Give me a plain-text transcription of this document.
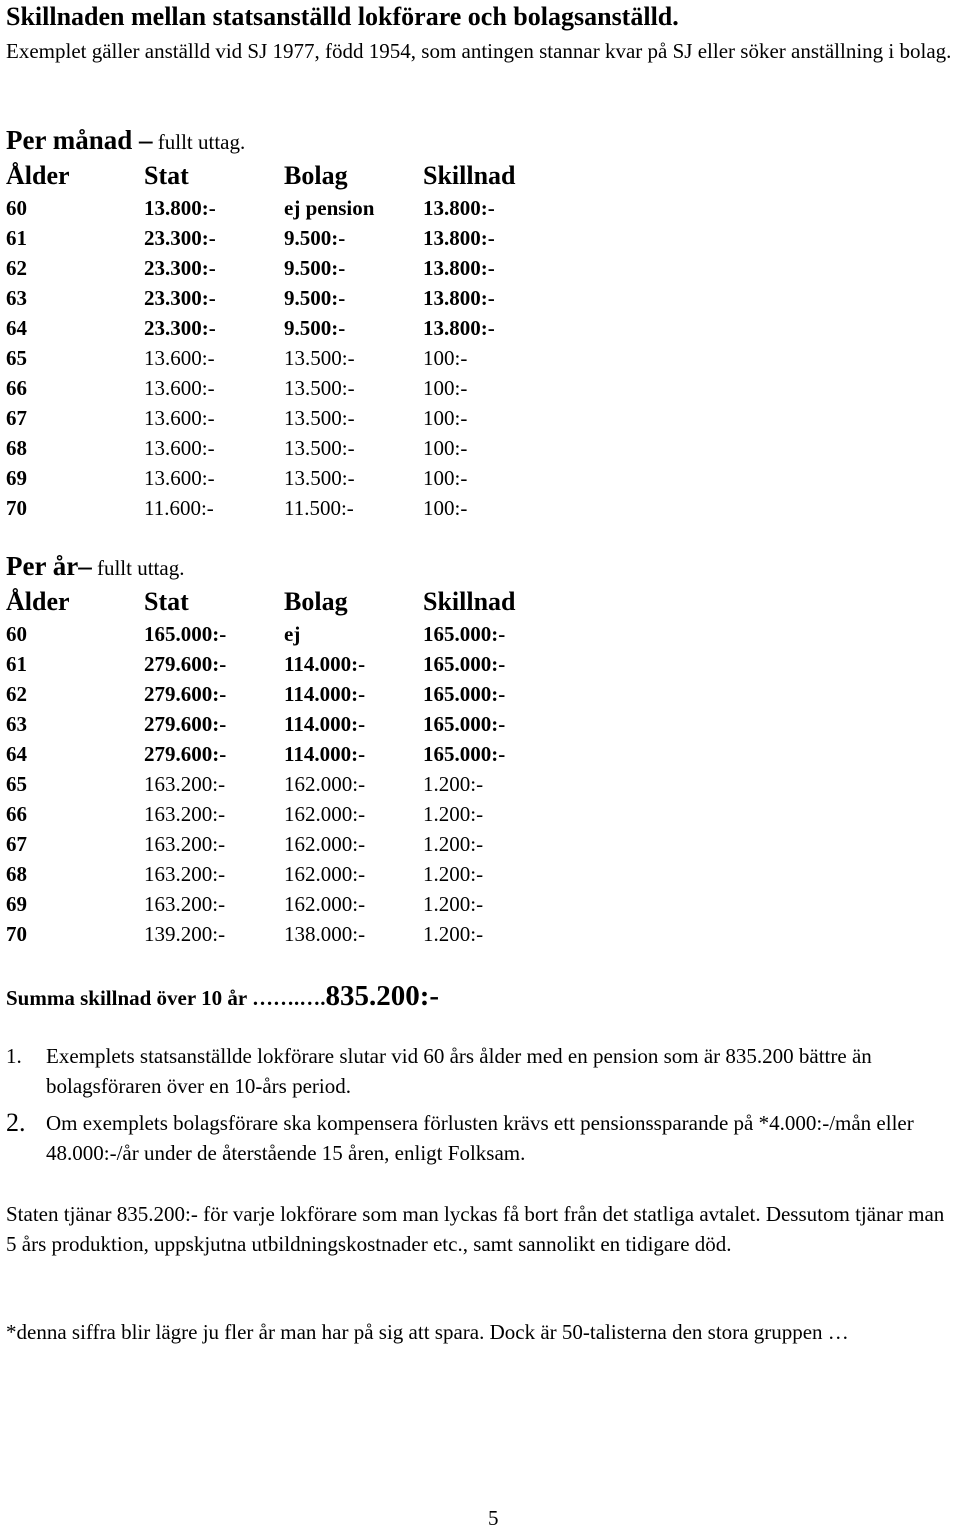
Skillnaden mellan statsanställd lokförare och bolagsanställd.
Exemplet gäller anställd vid SJ 1977, född 1954, som antingen stannar kvar på SJ eller söker anställning i bolag.
Per månad – fullt uttag.
Ålder	Stat	Bolag	Skillnad
60	13.800:-	ej pension 13.800:-
61	23.300:-	9.500:-	13.800:-
62	23.300:-	9.500:-	13.800:-
63	23.300:-	9.500:-	13.800:-
64	23.300:-	9.500:-	13.800:-
65	13.600:-	13.500:-	100:-
66	13.600:-	13.500:-	100:-
67	13.600:-	13.500:-	100:-
68	13.600:-	13.500:-	100:-
69	13.600:-	13.500:-	100:-
70	11.600:-	11.500:-	100:-
Per år– fullt uttag.
Ålder	Stat	Bolag	Skillnad
60	165.000:-	ej	165.000:-
61	279.600:-	114.000:-	165.000:-
62	279.600:-	114.000:-	165.000:-
63	279.600:-	114.000:-	165.000:-
64	279.600:-	114.000:-	165.000:-
65	163.200:-	162.000:-	1.200:-
66	163.200:-	162.000:-	1.200:-
67	163.200:-	162.000:-	1.200:-
68	163.200:-	162.000:-	1.200:-
69	163.200:-	162.000:-	1.200:-
70	139.200:-	138.000:-	1.200:-
Summa skillnad över 10 år …….….835.200:-
1. Exemplets statsanställde lokförare slutar vid 60 års ålder med en pension som är 835.200 bättre än bolagsföraren över en 10-års period.
2. Om exemplets bolagsförare ska kompensera förlusten krävs ett pensionssparande på *4.000:-/mån eller 48.000:-/år under de återstående 15 åren, enligt Folksam.
Staten tjänar 835.200:- för varje lokförare som man lyckas få bort från det statliga avtalet. Dessutom tjänar man 5 års produktion, uppskjutna utbildningskostnader etc., samt sannolikt en tidigare död.
*denna siffra blir lägre ju fler år man har på sig att spara. Dock är 50-talisterna den stora gruppen …
5
